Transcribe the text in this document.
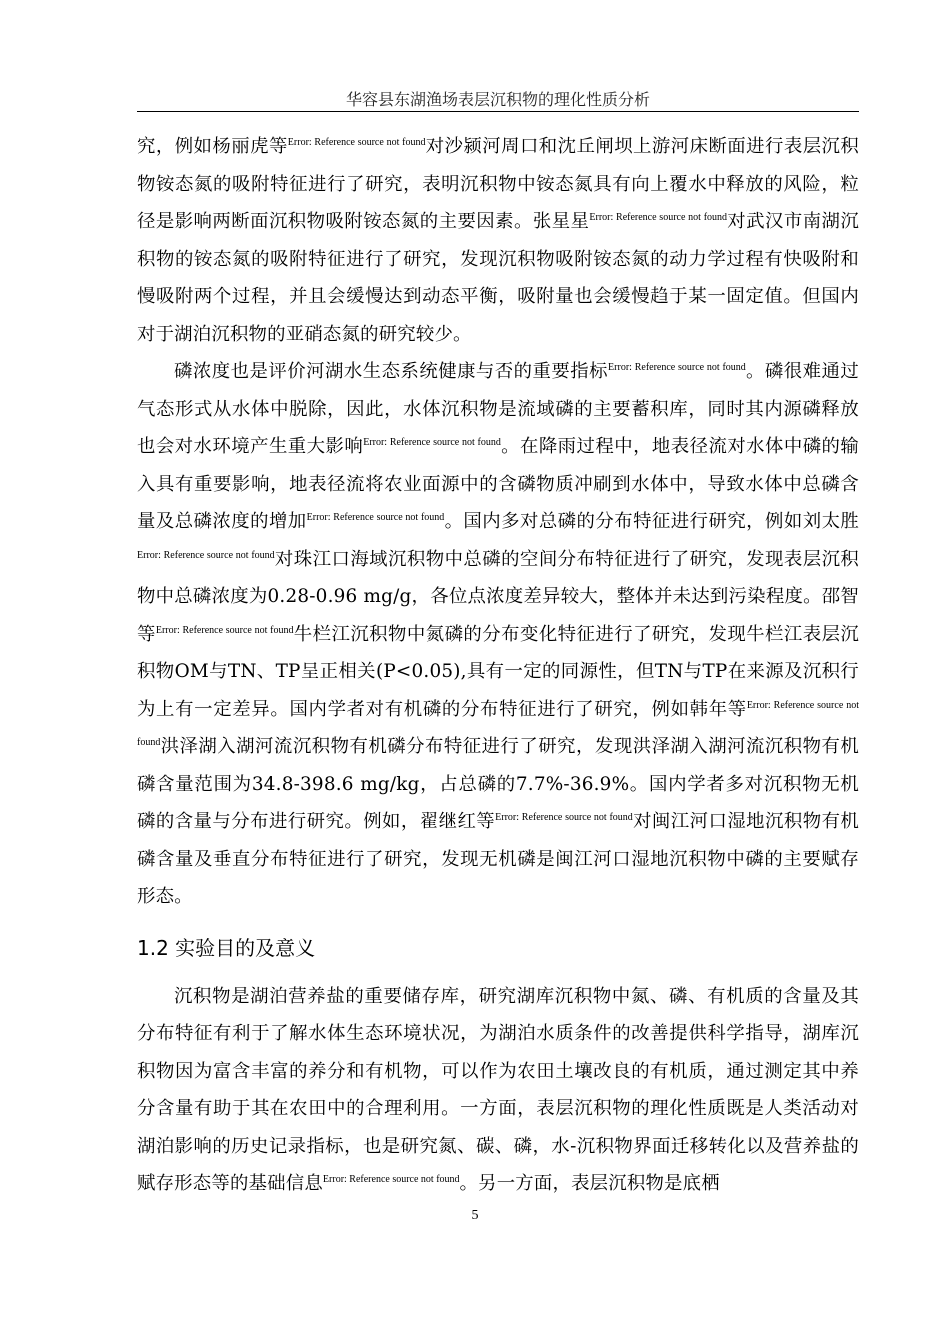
华容县东湖渔场表层沉积物的理化性质分析

究，例如杨丽虎等$^{Error: Reference source not found}$对沙颍河周口和沈丘闸坝上游河床断面进行表层沉积物铵态氮的吸附特征进行了研究，表明沉积物中铵态氮具有向上覆水中释放的风险，粒径是影响两断面沉积物吸附铵态氮的主要因素。张星星$^{Error: Reference source not found}$对武汉市南湖沉积物的铵态氮的吸附特征进行了研究，发现沉积物吸附铵态氮的动力学过程有快吸附和慢吸附两个过程，并且会缓慢达到动态平衡，吸附量也会缓慢趋于某一固定值。但国内对于湖泊沉积物的亚硝态氮的研究较少。

磷浓度也是评价河湖水生态系统健康与否的重要指标$^{Error: Reference source not found}$。磷很难通过气态形式从水体中脱除，因此，水体沉积物是流域磷的主要蓄积库，同时其内源磷释放也会对水环境产生重大影响$^{Error: Reference source not found}$。在降雨过程中，地表径流对水体中磷的输入具有重要影响，地表径流将农业面源中的含磷物质冲刷到水体中，导致水体中总磷含量及总磷浓度的增加$^{Error: Reference source not found}$。国内多对总磷的分布特征进行研究，例如刘太胜$^{Error: Reference source not found}$对珠江口海域沉积物中总磷的空间分布特征进行了研究，发现表层沉积物中总磷浓度为0.28-0.96 mg/g，各位点浓度差异较大，整体并未达到污染程度。邵智等$^{Error: Reference source not found}$牛栏江沉积物中氮磷的分布变化特征进行了研究，发现牛栏江表层沉积物OM与TN、TP呈正相关(P<0.05),具有一定的同源性，但TN与TP在来源及沉积行为上有一定差异。国内学者对有机磷的分布特征进行了研究，例如韩年等$^{Error: Reference source not found}$洪泽湖入湖河流沉积物有机磷分布特征进行了研究，发现洪泽湖入湖河流沉积物有机磷含量范围为34.8-398.6 mg/kg，占总磷的7.7%-36.9%。国内学者多对沉积物无机磷的含量与分布进行研究。例如，翟继红等$^{Error: Reference source not found}$对闽江河口湿地沉积物有机磷含量及垂直分布特征进行了研究，发现无机磷是闽江河口湿地沉积物中磷的主要赋存形态。

1.2 实验目的及意义

沉积物是湖泊营养盐的重要储存库，研究湖库沉积物中氮、磷、有机质的含量及其分布特征有利于了解水体生态环境状况，为湖泊水质条件的改善提供科学指导，湖库沉积物因为富含丰富的养分和有机物，可以作为农田土壤改良的有机质，通过测定其中养分含量有助于其在农田中的合理利用。一方面，表层沉积物的理化性质既是人类活动对湖泊影响的历史记录指标，也是研究氮、碳、磷，水-沉积物界面迁移转化以及营养盐的赋存形态等的基础信息$^{Error: Reference source not found}$。另一方面，表层沉积物是底栖

5
